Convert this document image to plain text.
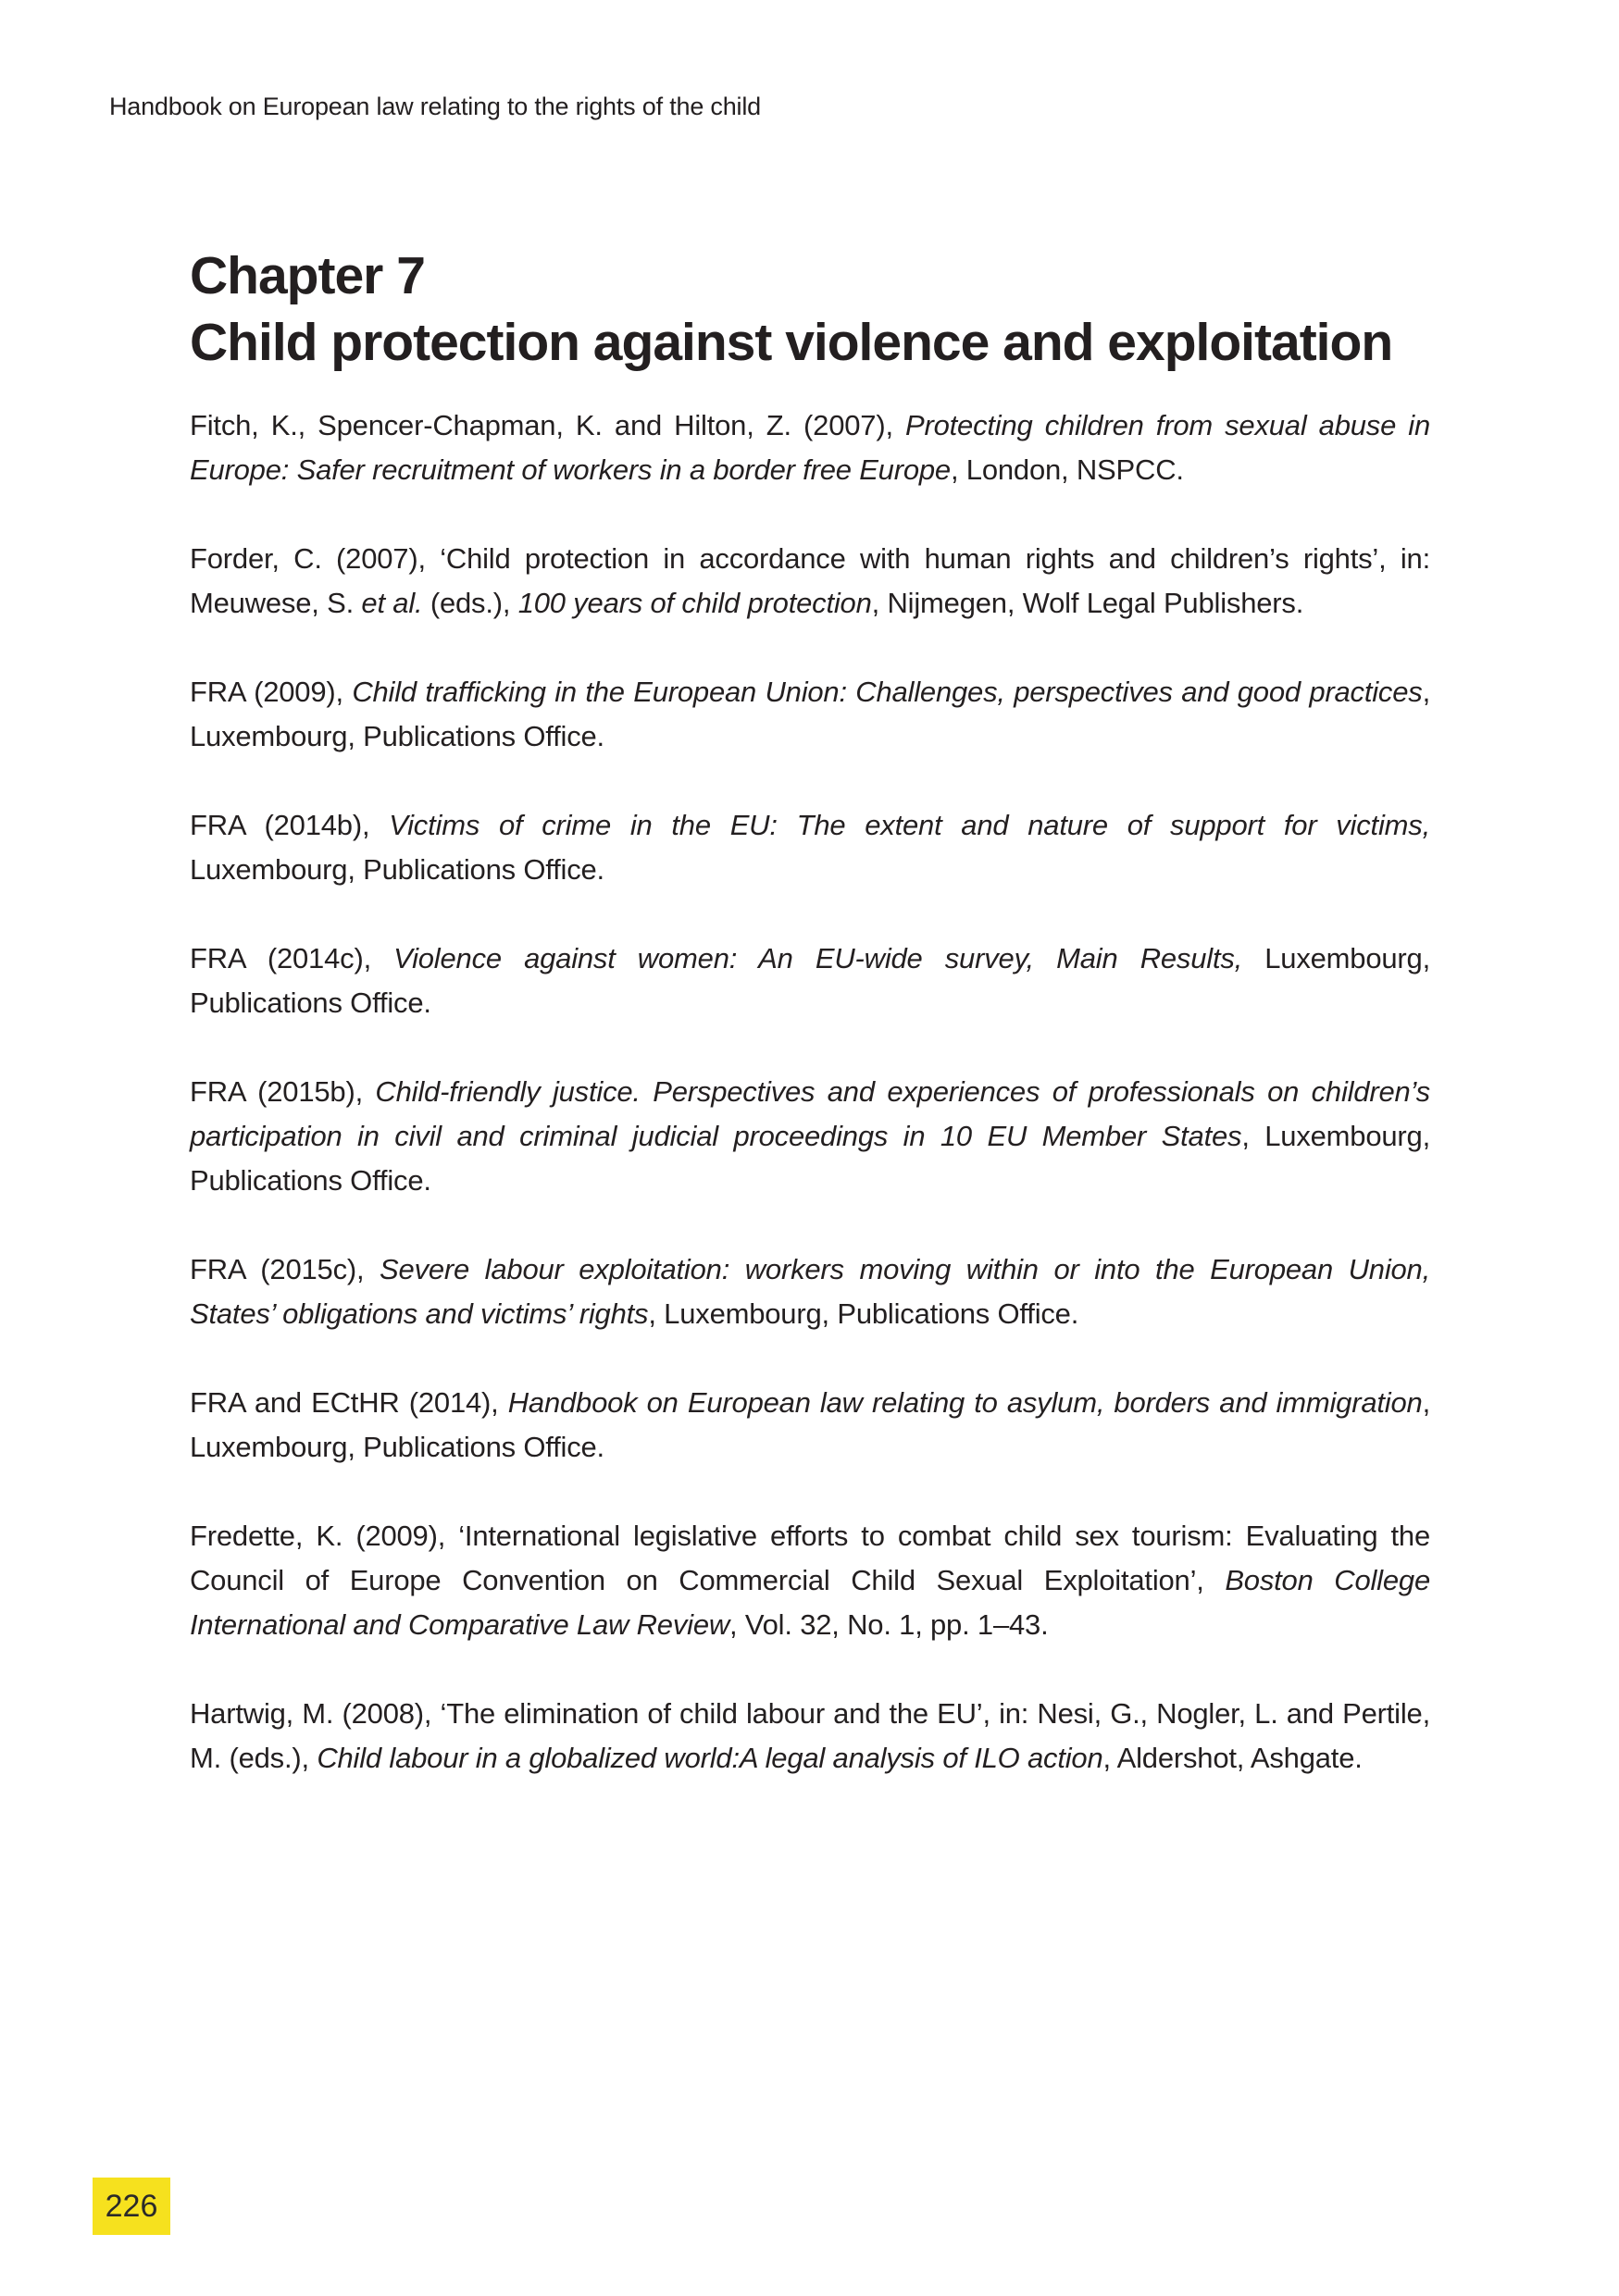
Handbook on European law relating to the rights of the child
Chapter 7
Child protection against violence and exploitation

Fitch, K., Spencer-Chapman, K. and Hilton, Z. (2007), Protecting children from sexual abuse in Europe: Safer recruitment of workers in a border free Europe, London, NSPCC.

Forder, C. (2007), ‘Child protection in accordance with human rights and children’s rights’, in: Meuwese, S. et al. (eds.), 100 years of child protection, Nijmegen, Wolf Legal Publishers.

FRA (2009), Child trafficking in the European Union: Challenges, perspectives and good practices, Luxembourg, Publications Office.

FRA (2014b), Victims of crime in the EU: The extent and nature of support for victims, Luxembourg, Publications Office.

FRA (2014c), Violence against women: An EU-wide survey, Main Results, Luxembourg, Publications Office.

FRA (2015b), Child-friendly justice. Perspectives and experiences of professionals on children’s participation in civil and criminal judicial proceedings in 10 EU Member States, Luxembourg, Publications Office.

FRA (2015c), Severe labour exploitation: workers moving within or into the European Union, States’ obligations and victims’ rights, Luxembourg, Publications Office.

FRA and ECtHR (2014), Handbook on European law relating to asylum, borders and immigration, Luxembourg, Publications Office.

Fredette, K. (2009), ‘International legislative efforts to combat child sex tourism: Evaluating the Council of Europe Convention on Commercial Child Sexual Exploitation’, Boston College International and Comparative Law Review, Vol. 32, No. 1, pp. 1–43.

Hartwig, M. (2008), ‘The elimination of child labour and the EU’, in: Nesi, G., Nogler, L. and Pertile, M. (eds.), Child labour in a globalized world:A legal analysis of ILO action, Aldershot, Ashgate.

226
